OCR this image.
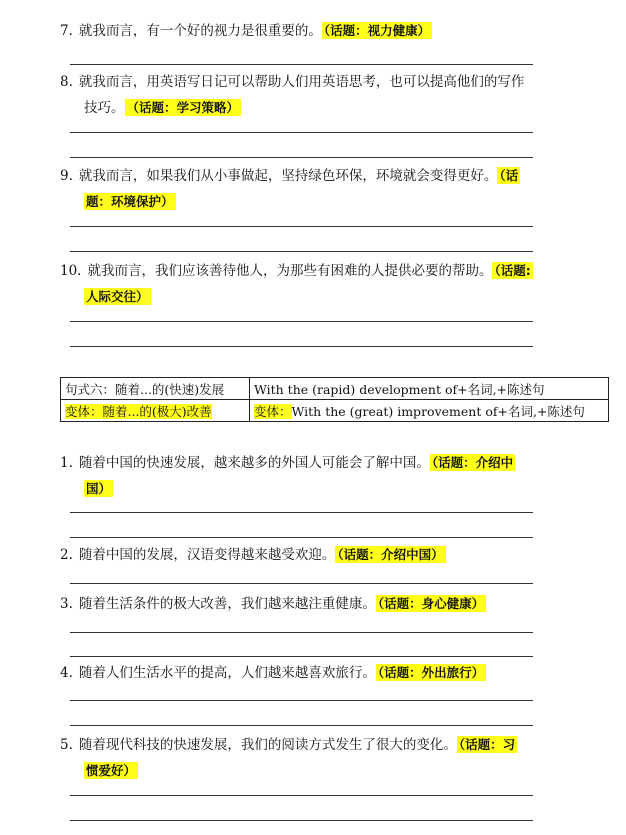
7. 就我而言，有一个好的视力是很重要的。 （话题：视力健康）
8. 就我而言，用英语写日记可以帮助人们用英语思考，也可以提高他们的写作
技巧。 （话题：学习策略）
9. 就我而言，如果我们从小事做起，坚持绿色环保，环境就会变得更好。 （话
题：环境保护）
10. 就我而言，我们应该善待他人，为那些有困难的人提供必要的帮助。 （话题:
人际交往）
句式六：随着...的(快速)发展	With the (rapid) development of+名词,+陈述句
变体：随着...的(极大)改善	变体：With the (great) improvement of+名词,+陈述句
1. 随着中国的快速发展，越来越多的外国人可能会了解中国。 （话题：介绍中
国）
2. 随着中国的发展，汉语变得越来越受欢迎。 （话题：介绍中国）
3. 随着生活条件的极大改善，我们越来越注重健康。 （话题：身心健康）
4. 随着人们生活水平的提高，人们越来越喜欢旅行。 （话题：外出旅行）
5. 随着现代科技的快速发展，我们的阅读方式发生了很大的变化。 （话题：习
惯爱好）
